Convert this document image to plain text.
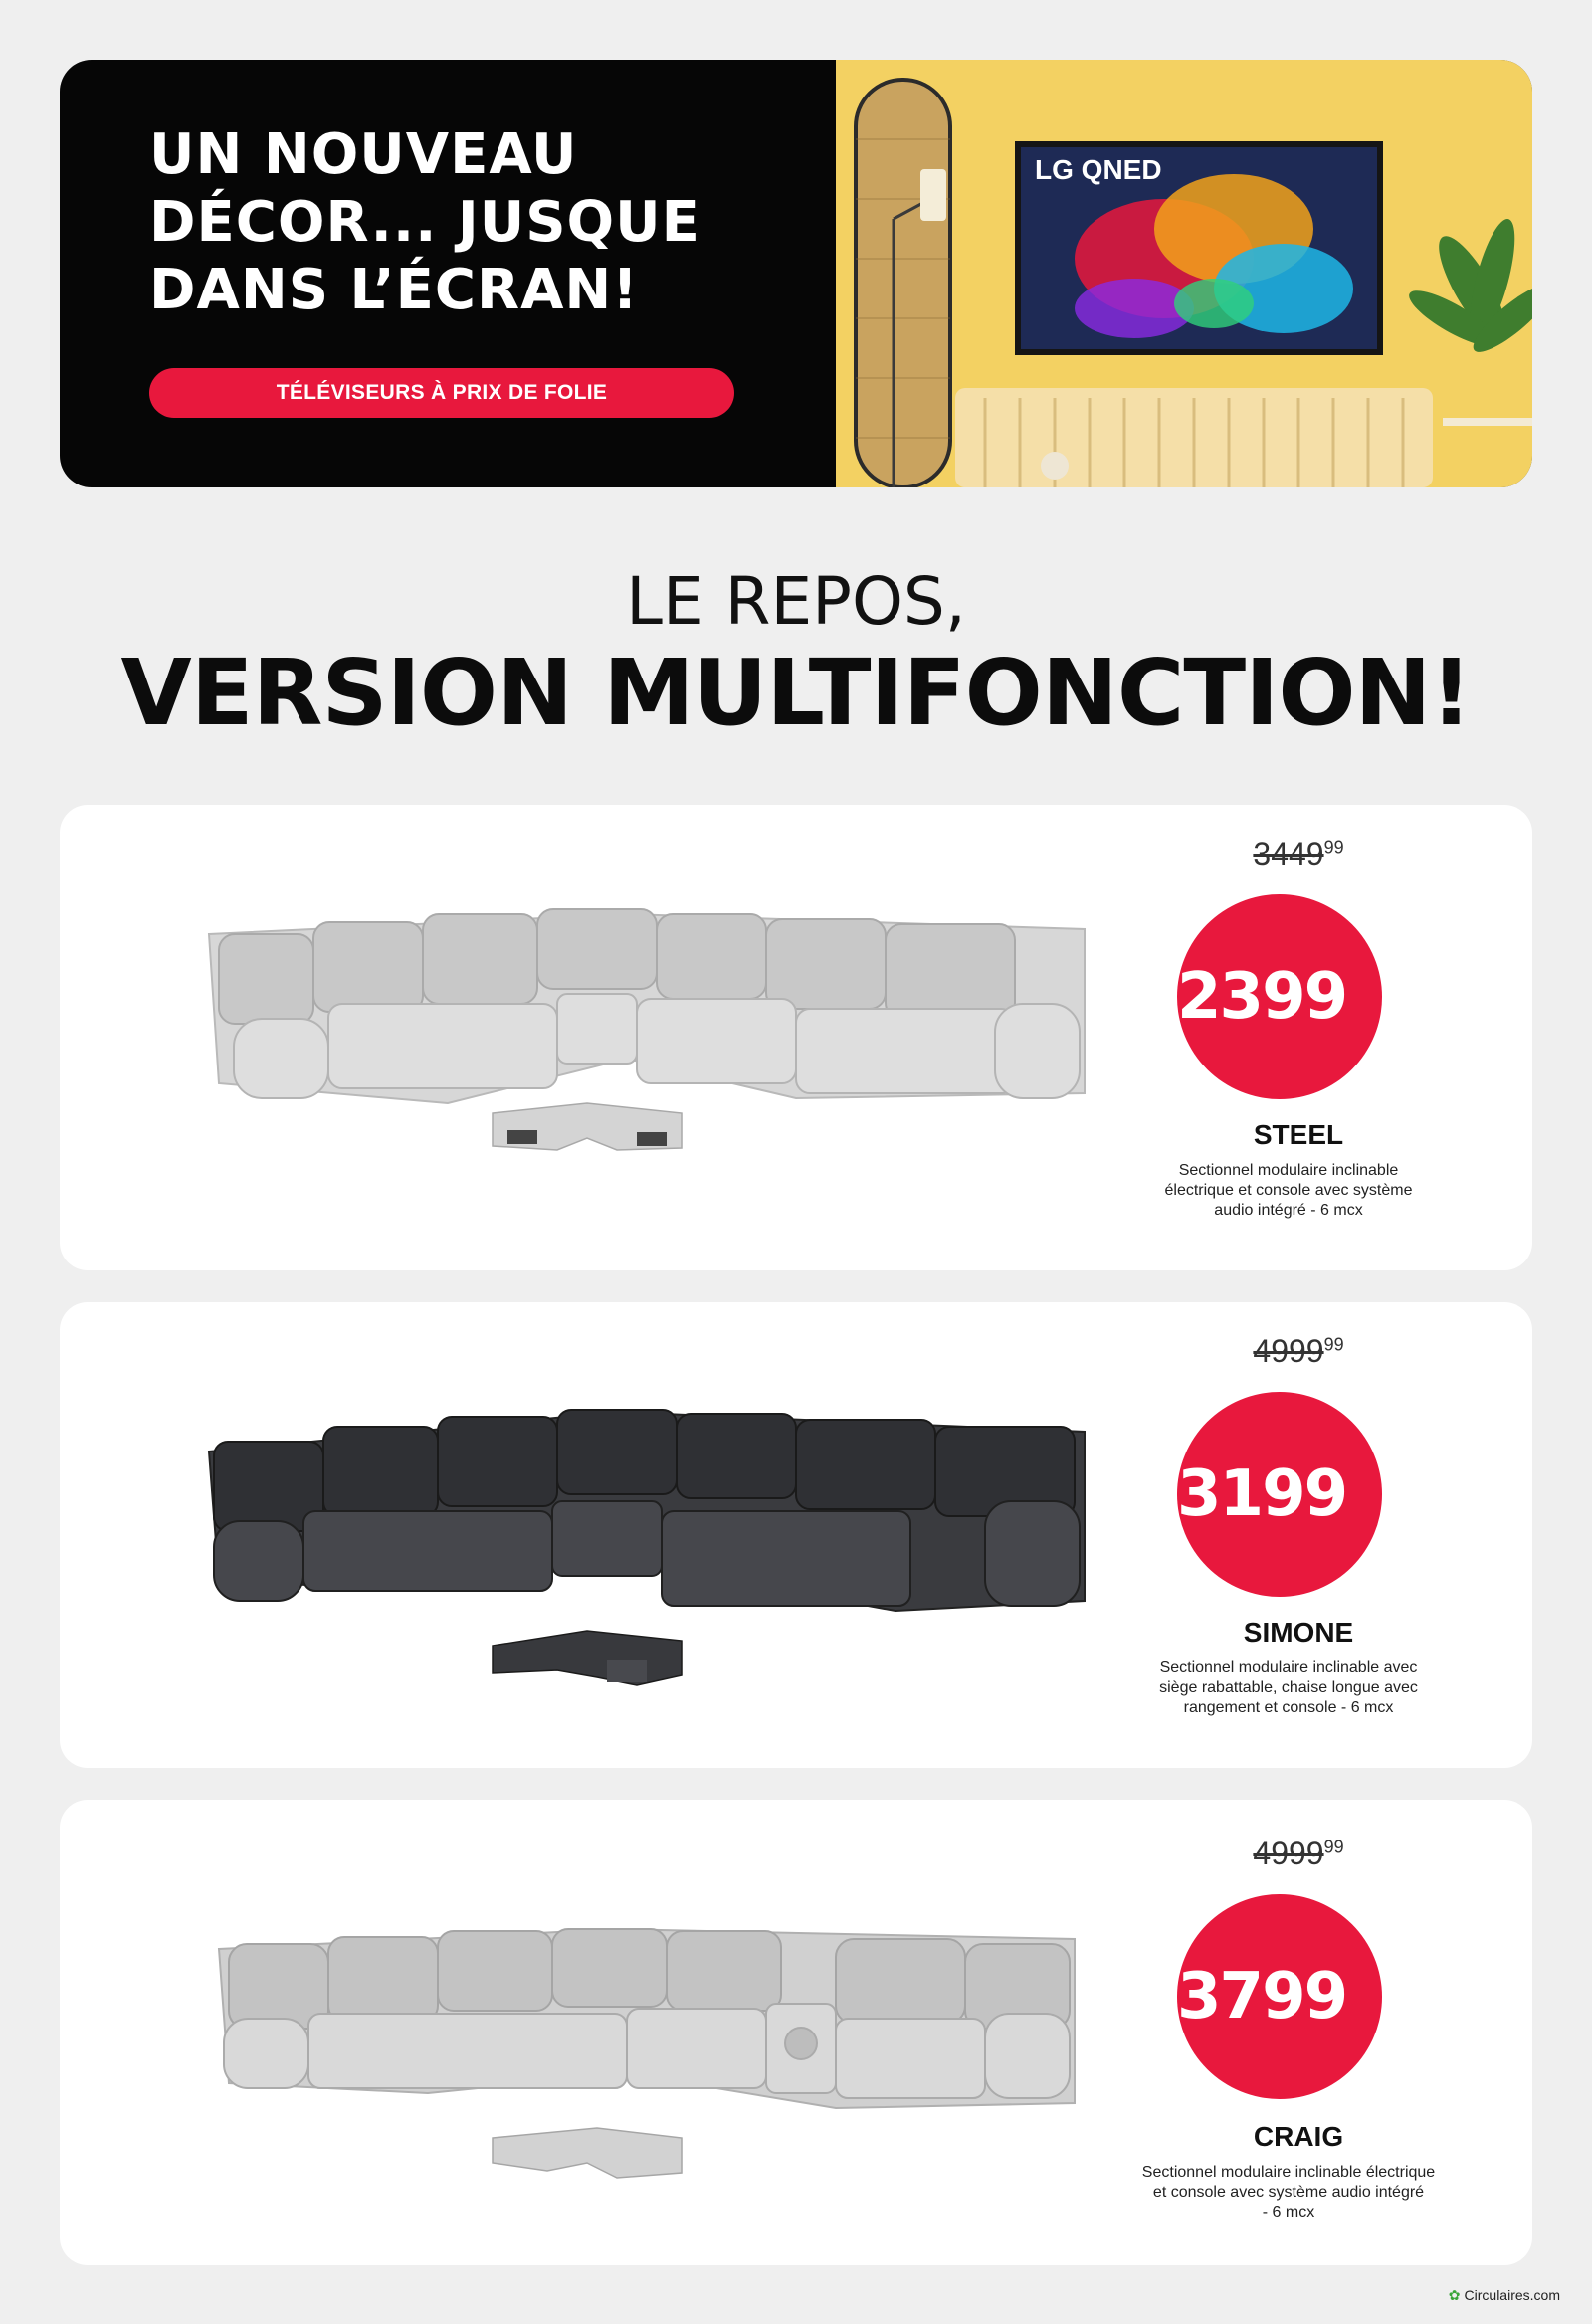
UN NOUVEAU
DÉCOR... JUSQUE
DANS L’ÉCRAN!
TÉLÉVISEURS À PRIX DE FOLIE
LG QNED
LE REPOS,
VERSION MULTIFONCTION!
3449$^{99}$
239999
STEEL
Sectionnel modulaire inclinable
électrique et console avec système
audio intégré - 6 mcx
4999$^{99}$
319999
SIMONE
Sectionnel modulaire inclinable avec
siège rabattable, chaise longue avec
rangement et console - 6 mcx
4999$^{99}$
379999
CRAIG
Sectionnel modulaire inclinable électrique
et console avec système audio intégré
- 6 mcx
✿ Circulaires.com
